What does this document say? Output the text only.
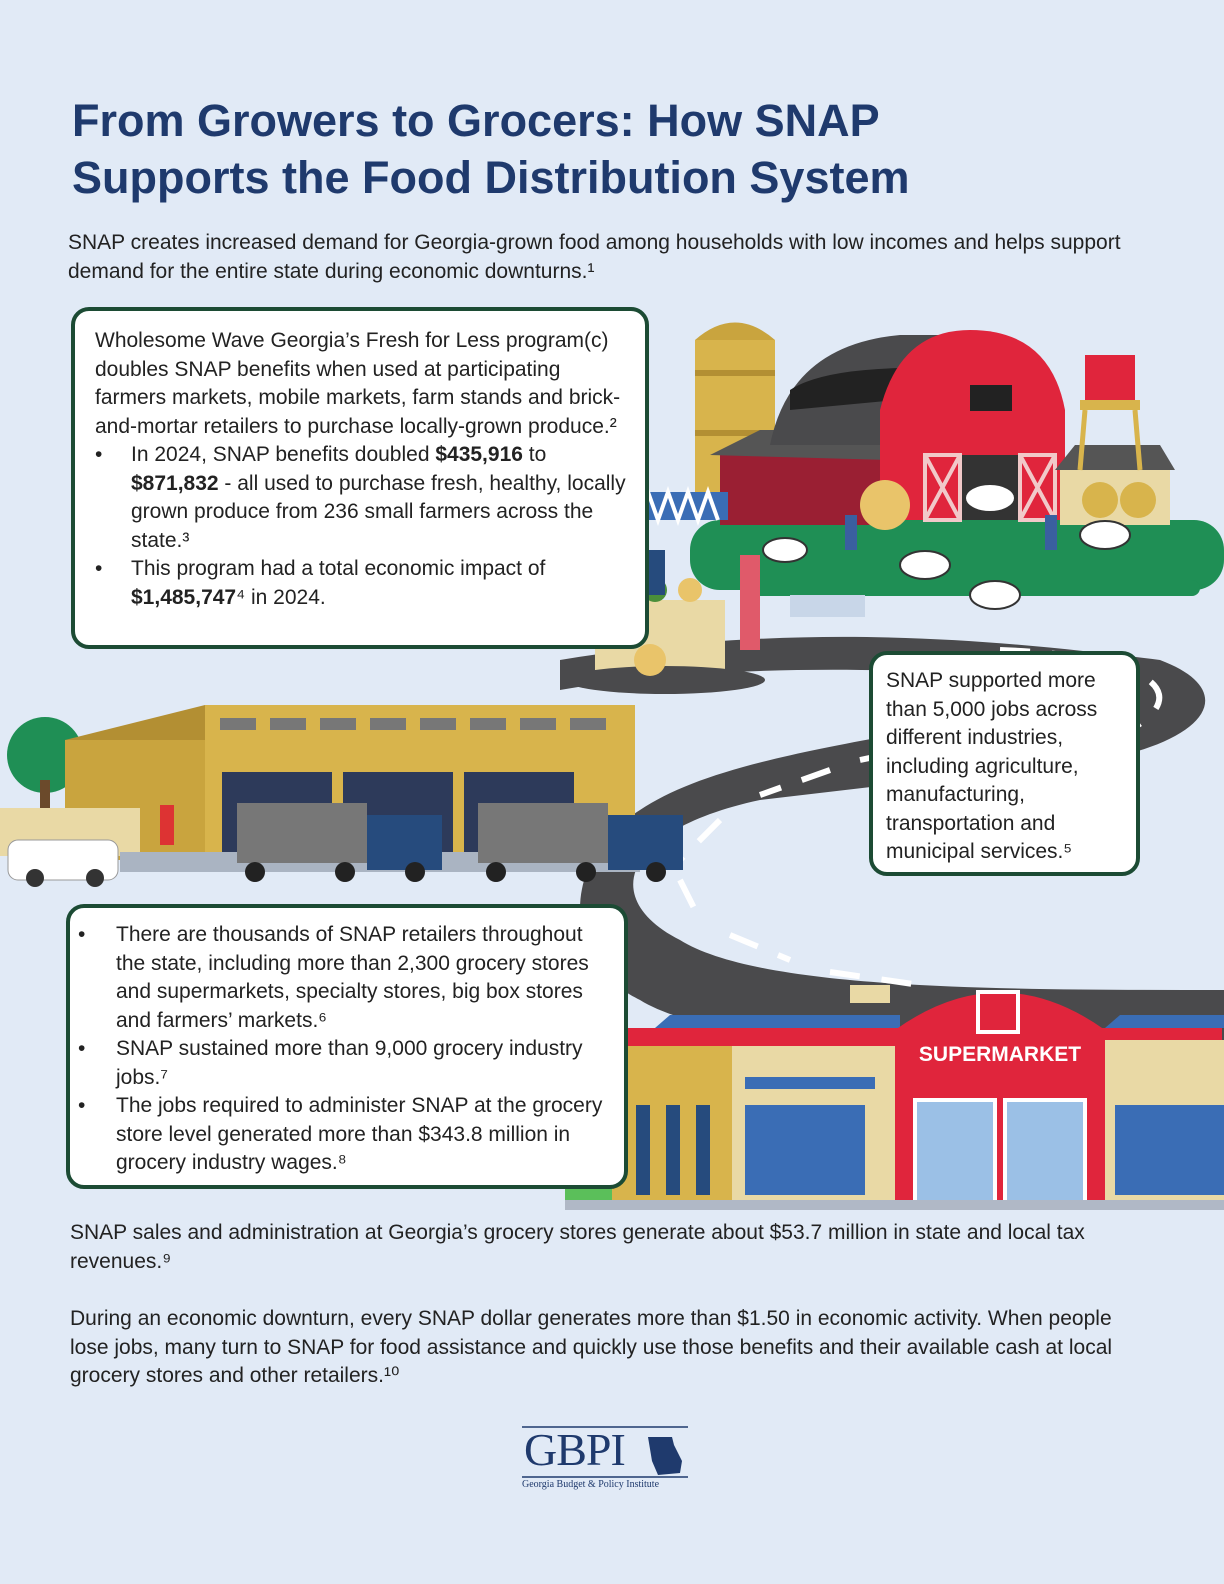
SUPERMARKET
From Growers to Grocers: How SNAP Supports the Food Distribution System

SNAP creates increased demand for Georgia-grown food among households with low incomes and helps support demand for the entire state during economic downturns.¹

Wholesome Wave Georgia’s Fresh for Less program(c) doubles SNAP benefits when used at participating farmers markets, mobile markets, farm stands and brick-and-mortar retailers to purchase locally-grown produce.²

• In 2024, SNAP benefits doubled $435,916 to $871,832 - all used to purchase fresh, healthy, locally grown produce from 236 small farmers across the state.³
• This program had a total economic impact of $1,485,747⁴ in 2024.

SNAP supported more than 5,000 jobs across different industries, including agriculture, manufacturing, transportation and municipal services.⁵

• There are thousands of SNAP retailers throughout the state, including more than 2,300 grocery stores and supermarkets, specialty stores, big box stores and farmers’ markets.⁶
• SNAP sustained more than 9,000 grocery industry jobs.⁷
• The jobs required to administer SNAP at the grocery store level generated more than $343.8 million in grocery industry wages.⁸

SNAP sales and administration at Georgia’s grocery stores generate about $53.7 million in state and local tax revenues.⁹

During an economic downturn, every SNAP dollar generates more than $1.50 in economic activity. When people lose jobs, many turn to SNAP for food assistance and quickly use those benefits and their available cash at local grocery stores and other retailers.¹⁰

GBPI
Georgia Budget & Policy Institute
